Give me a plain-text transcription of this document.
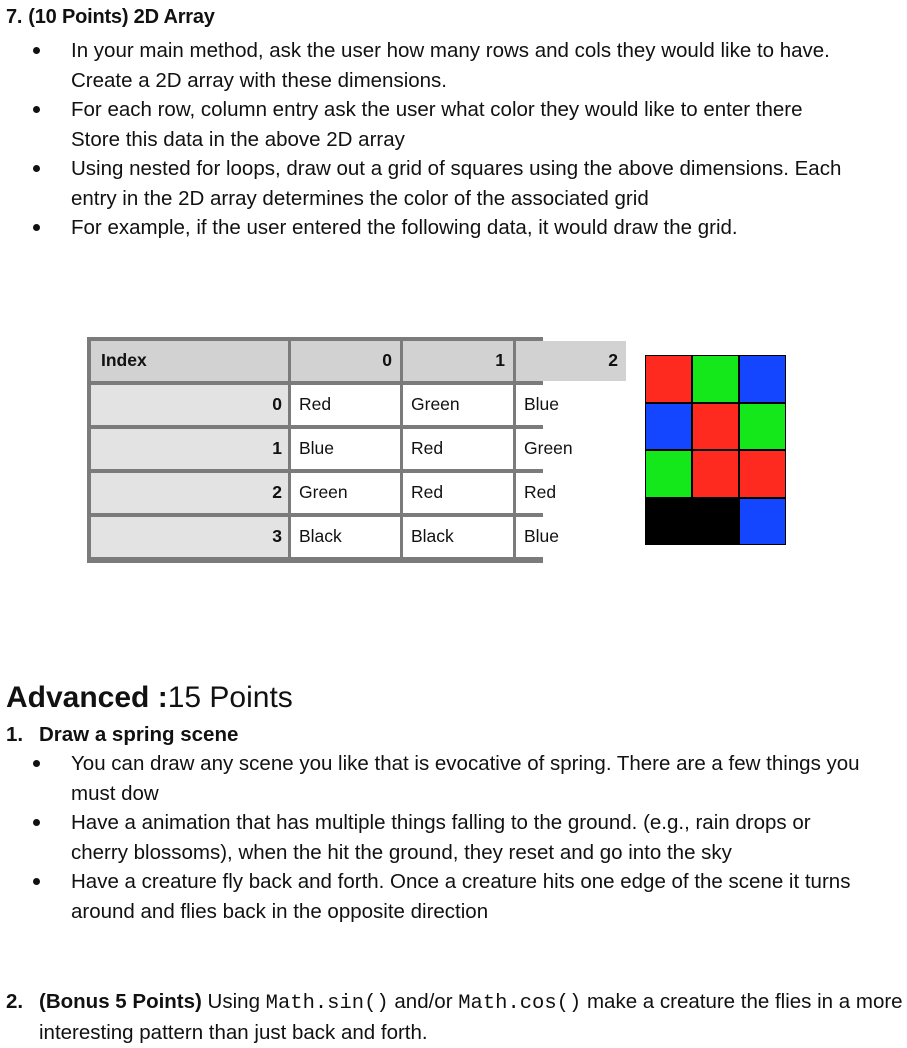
7. (10 Points) 2D Array
In your main method, ask the user how many rows and cols they would like to have. Create a 2D array with these dimensions.
For each row, column entry ask the user what color they would like to enter there Store this data in the above 2D array
Using nested for loops, draw out a grid of squares using the above dimensions. Each entry in the 2D array determines the color of the associated grid
For example, if the user entered the following data, it would draw the grid.
Index	0	1	2
0 Red	Green	Blue
1 Blue	Red	Green
2 Green	Red	Red
3 Black	Black	Blue
Advanced :15 Points
1. Draw a spring scene
You can draw any scene you like that is evocative of spring. There are a few things you must dow
Have a animation that has multiple things falling to the ground. (e.g., rain drops or cherry blossoms), when the hit the ground, they reset and go into the sky
Have a creature fly back and forth. Once a creature hits one edge of the scene it turns around and flies back in the opposite direction
2. (Bonus 5 Points) Using Math.sin() and/or Math.cos() make a creature the flies in a more interesting pattern than just back and forth.
